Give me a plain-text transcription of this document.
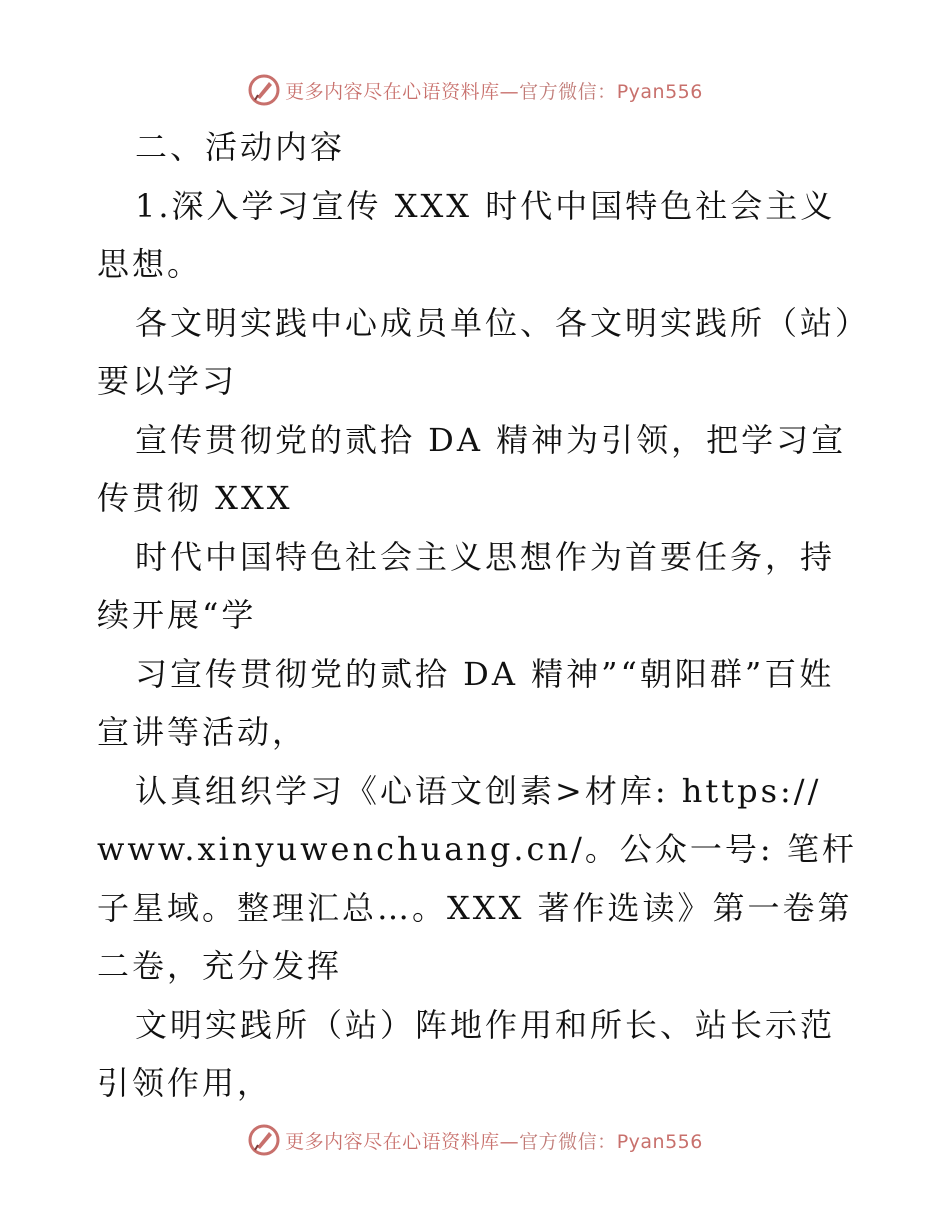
更多内容尽在心语资料库—官方微信：Pyan556

二、活动内容

1.深入学习宣传 XXX 时代中国特色社会主义思想。

各文明实践中心成员单位、各文明实践所（站）要以学习

宣传贯彻党的贰拾 DA 精神为引领，把学习宣传贯彻 XXX

时代中国特色社会主义思想作为首要任务，持续开展“学

习宣传贯彻党的贰拾 DA 精神”“朝阳群”百姓宣讲等活动，

认真组织学习《心语文创素>材库: https:// www.xinyuwenchuang.cn/。公众一号: 笔杆子星域。整理汇总…。XXX 著作选读》第一卷第二卷，充分发挥

文明实践所（站）阵地作用和所长、站长示范引领作用，

更多内容尽在心语资料库—官方微信：Pyan556
